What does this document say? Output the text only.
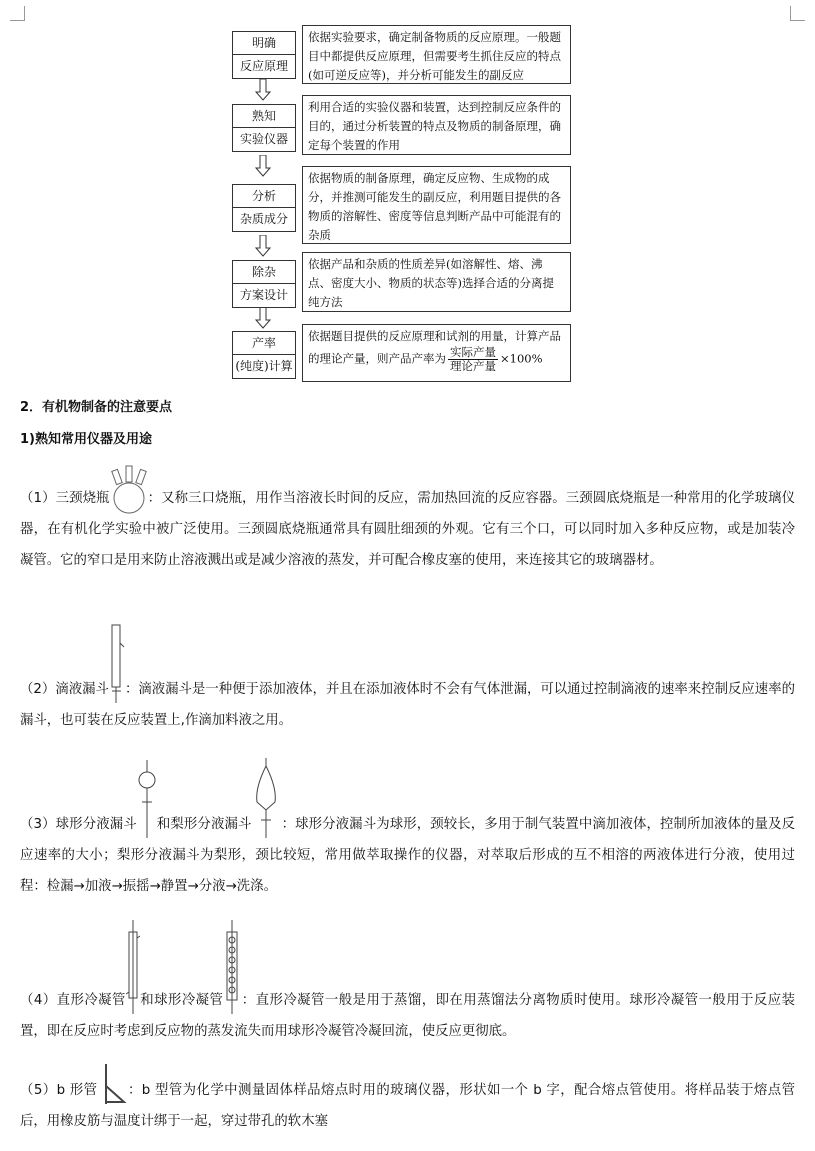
明确
反应原理
依据实验要求，确定制备物质的反应原理。一般题目中都提供反应原理，但需要考生抓住反应的特点(如可逆反应等)，并分析可能发生的副反应
熟知
实验仪器
利用合适的实验仪器和装置，达到控制反应条件的目的，通过分析装置的特点及物质的制备原理，确定每个装置的作用
分析
杂质成分
依据物质的制备原理，确定反应物、生成物的成分，并推测可能发生的副反应，利用题目提供的各物质的溶解性、密度等信息判断产品中可能混有的杂质
除杂
方案设计
依据产品和杂质的性质差异(如溶解性、熔、沸点、密度大小、物质的状态等)选择合适的分离提纯方法
产率
(纯度)计算
依据题目提供的反应原理和试剂的用量，计算产品的理论产量，则产品产率为 $\frac{\text{实际产量}}{\text{理论产量}} \times 100\%$
2．有机物制备的注意要点
1)熟知常用仪器及用途
（1）三颈烧瓶	：又称三口烧瓶，用作当溶液长时间的反应，需加热回流的反应容器。三颈圆底烧瓶是一种常用的化学玻璃仪器，在有机化学实验中被广泛使用。三颈圆底烧瓶通常具有圆肚细颈的外观。它有三个口，可以同时加入多种反应物，或是加装冷凝管。它的窄口是用来防止溶液溅出或是减少溶液的蒸发，并可配合橡皮塞的使用，来连接其它的玻璃器材。
（2）滴液漏斗 ：滴液漏斗是一种便于添加液体，并且在添加液体时不会有气体泄漏，可以通过控制滴液的速率来控制反应速率的漏斗，也可装在反应装置上,作滴加料液之用。
（3）球形分液漏斗 和梨形分液漏斗 ：球形分液漏斗为球形，颈较长，多用于制气装置中滴加液体，控制所加液体的量及反应速率的大小；梨形分液漏斗为梨形，颈比较短，常用做萃取操作的仪器，对萃取后形成的互不相溶的两液体进行分液，使用过程：检漏→加液→振摇→静置→分液→洗涤。
（4）直形冷凝管 和球形冷凝管 ：直形冷凝管一般是用于蒸馏，即在用蒸馏法分离物质时使用。球形冷凝管一般用于反应装置，即在反应时考虑到反应物的蒸发流失而用球形冷凝管冷凝回流，使反应更彻底。
（5）b 形管 ：b 型管为化学中测量固体样品熔点时用的玻璃仪器，形状如一个 b 字，配合熔点管使用。将样品装于熔点管后，用橡皮筋与温度计绑于一起，穿过带孔的软木塞
